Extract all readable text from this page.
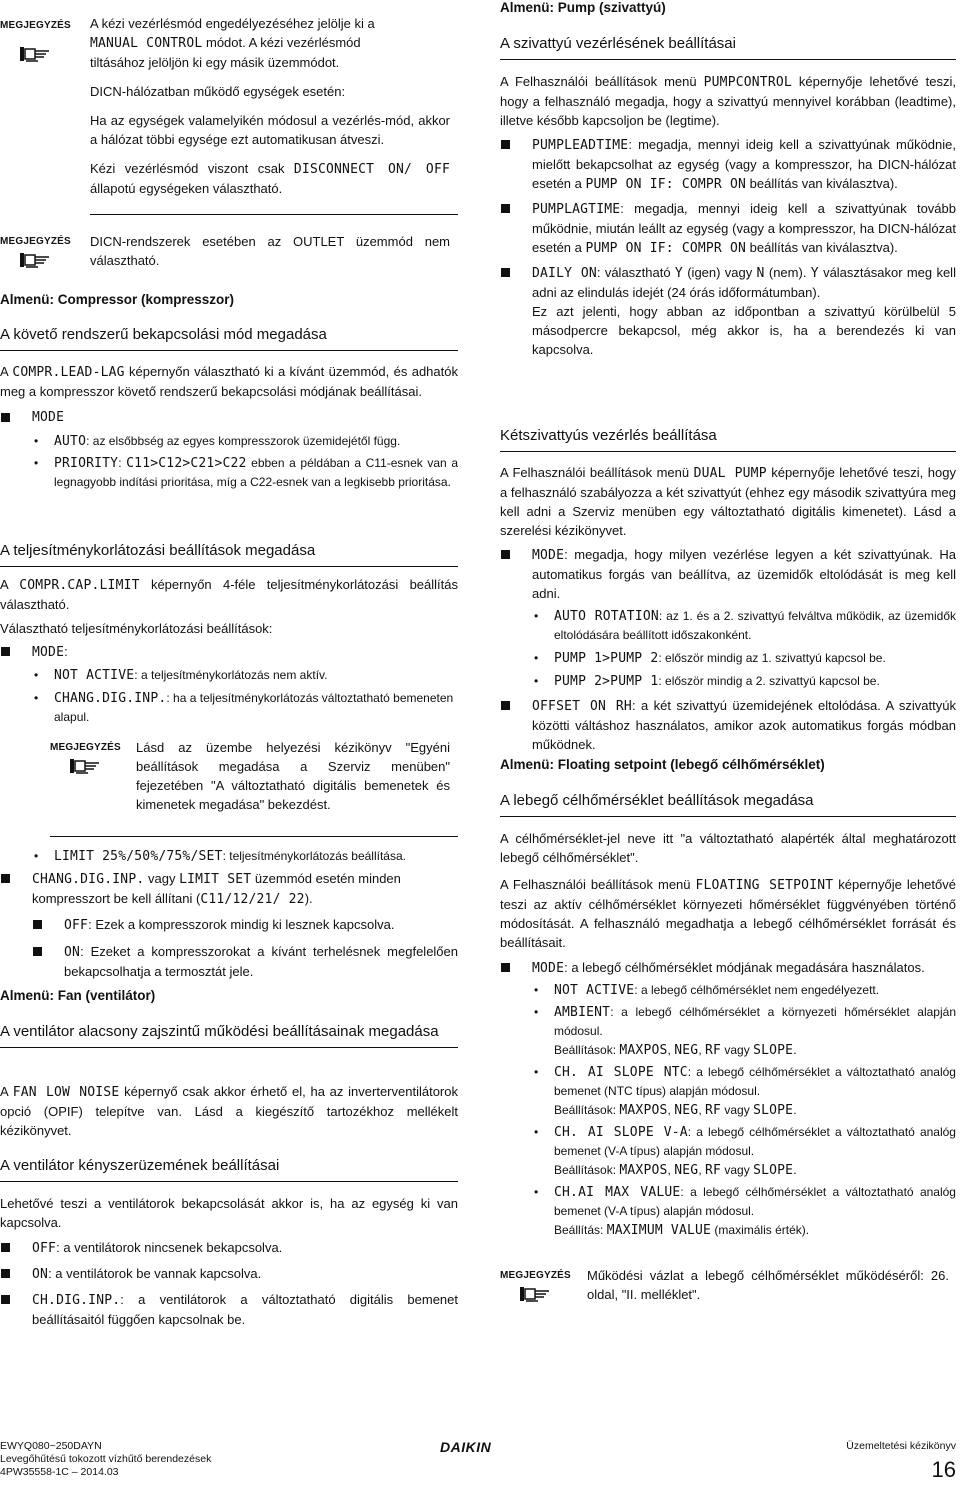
MEGJEGYZÉS A kézi vezérlésmód engedélyezéséhez jelölje ki a

MANUAL CONTROL módot. A kézi vezérlésmód

tiltásához jelöljön ki egy másik üzemmódot.

DICN-hálózatban működő egységek esetén:

Ha az egységek valamelyikén módosul a vezérlés-mód, akkor a hálózat többi egysége ezt automatikusan átveszi.

Kézi vezérlésmód viszont csak DISCONNECT ON/ OFF állapotú egységeken választható.

MEGJEGYZÉS DICN-rendszerek esetében az OUTLET üzemmód nem választható.

Almenü: Compressor (kompresszor)
A követő rendszerű bekapcsolási mód megadása

A COMPR.LEAD-LAG képernyőn választható ki a kívánt üzemmód, és adhatók meg a kompresszor követő rendszerű bekapcsolási módjának beállításai.

MODE

• AUTO: az elsőbbség az egyes kompresszorok üzemidejétől függ.

• PRIORITY: C11>C12>C21>C22 ebben a példában a C11-esnek van a legnagyobb indítási prioritása, míg a C22-esnek van a legkisebb prioritása.

A teljesítménykorlátozási beállítások megadása

A COMPR.CAP.LIMIT képernyőn 4-féle teljesítménykorlátozási beállítás választható.

Választható teljesítménykorlátozási beállítások:

MODE:

• NOT ACTIVE: a teljesítménykorlátozás nem aktív.

• CHANG.DIG.INP.: ha a teljesítménykorlátozás változtatható bemeneten alapul.

MEGJEGYZÉS Lásd az üzembe helyezési kézikönyv "Egyéni beállítások megadása a Szerviz menüben" fejezetében "A változtatható digitális bemenetek és kimenetek megadása" bekezdést.

• LIMIT 25%/50%/75%/SET: teljesítménykorlátozás beállítása.

CHANG.DIG.INP. vagy LIMIT SET üzemmód esetén minden kompresszort be kell állítani (C11/12/21/ 22).

OFF: Ezek a kompresszorok mindig ki lesznek kapcsolva.

ON: Ezeket a kompresszorokat a kívánt terhelésnek megfelelően bekapcsolhatja a termosztát jele.

Almenü: Fan (ventilátor)
A ventilátor alacsony zajszintű működési beállításainak megadása

A FAN LOW NOISE képernyő csak akkor érhető el, ha az inverterventilátorok opció (OPIF) telepítve van. Lásd a kiegészítő tartozékhoz mellékelt kézikönyvet.

A ventilátor kényszerüzemének beállításai

Lehetővé teszi a ventilátorok bekapcsolását akkor is, ha az egység ki van kapcsolva.

OFF: a ventilátorok nincsenek bekapcsolva.

ON: a ventilátorok be vannak kapcsolva.

CH.DIG.INP.: a ventilátorok a változtatható digitális bemenet beállításaitól függően kapcsolnak be.

Almenü: Pump (szivattyú)
A szivattyú vezérlésének beállításai

A Felhasználói beállítások menü PUMPCONTROL képernyője lehetővé teszi, hogy a felhasználó megadja, hogy a szivattyú mennyivel korábban (leadtime), illetve később kapcsoljon be (legtime).

PUMPLEADTIME: megadja, mennyi ideig kell a szivattyúnak működnie, mielőtt bekapcsolhat az egység (vagy a kompresszor, ha DICN-hálózat esetén a PUMP ON IF: COMPR ON beállítás van kiválasztva).

PUMPLAGTIME: megadja, mennyi ideig kell a szivattyúnak tovább működnie, miután leállt az egység (vagy a kompresszor, ha DICN-hálózat esetén a PUMP ON IF: COMPR ON beállítás van kiválasztva).

DAILY ON: választható Y (igen) vagy N (nem). Y választásakor meg kell adni az elindulás idejét (24 órás időformátumban).

Ez azt jelenti, hogy abban az időpontban a szivattyú körülbelül 5 másodpercre bekapcsol, még akkor is, ha a berendezés ki van kapcsolva.

Kétszivattyús vezérlés beállítása

A Felhasználói beállítások menü DUAL PUMP képernyője lehetővé teszi, hogy a felhasználó szabályozza a két szivattyút (ehhez egy második szivattyúra meg kell adni a Szerviz menüben egy változtatható digitális kimenetet). Lásd a szerelési kézikönyvet.

MODE: megadja, hogy milyen vezérlése legyen a két szivattyúnak. Ha automatikus forgás van beállítva, az üzemidők eltolódását is meg kell adni.

• AUTO ROTATION: az 1. és a 2. szivattyú felváltva működik, az üzemidők eltolódására beállított időszakonként.

• PUMP 1>PUMP 2: először mindig az 1. szivattyú kapcsol be.

• PUMP 2>PUMP 1: először mindig a 2. szivattyú kapcsol be.

OFFSET ON RH: a két szivattyú üzemidejének eltolódása. A szivattyúk közötti váltáshoz használatos, amikor azok automatikus forgás módban működnek.

Almenü: Floating setpoint (lebegő célhőmérséklet)
A lebegő célhőmérséklet beállítások megadása

A célhőmérséklet-jel neve itt "a változtatható alapérték által meghatározott lebegő célhőmérséklet".

A Felhasználói beállítások menü FLOATING SETPOINT képernyője lehetővé teszi az aktív célhőmérséklet környezeti hőmérséklet függvényében történő módosítását. A felhasználó megadhatja a lebegő célhőmérséklet forrását és beállításait.

MODE: a lebegő célhőmérséklet módjának megadására használatos.

• NOT ACTIVE: a lebegő célhőmérséklet nem engedélyezett.

• AMBIENT: a lebegő célhőmérséklet a környezeti hőmérséklet alapján módosul.
Beállítások: MAXPOS, NEG, RF vagy SLOPE.

• CH. AI SLOPE NTC: a lebegő célhőmérséklet a változtatható analóg bemenet (NTC típus) alapján módosul.
Beállítások: MAXPOS, NEG, RF vagy SLOPE.

• CH. AI SLOPE V-A: a lebegő célhőmérséklet a változtatható analóg bemenet (V-A típus) alapján módosul.
Beállítások: MAXPOS, NEG, RF vagy SLOPE.

• CH.AI MAX VALUE: a lebegő célhőmérséklet a változtatható analóg bemenet (V-A típus) alapján módosul.
Beállítás: MAXIMUM VALUE (maximális érték).

MEGJEGYZÉS Működési vázlat a lebegő célhőmérséklet működéséről: 26. oldal, "II. melléklet".

EWYQ080~250DAYN
Levegőhűtésű tokozott vízhűtő berendezések
4PW35558-1C – 2014.03
DAIKIN	Üzemeltetési kézikönyv
16
